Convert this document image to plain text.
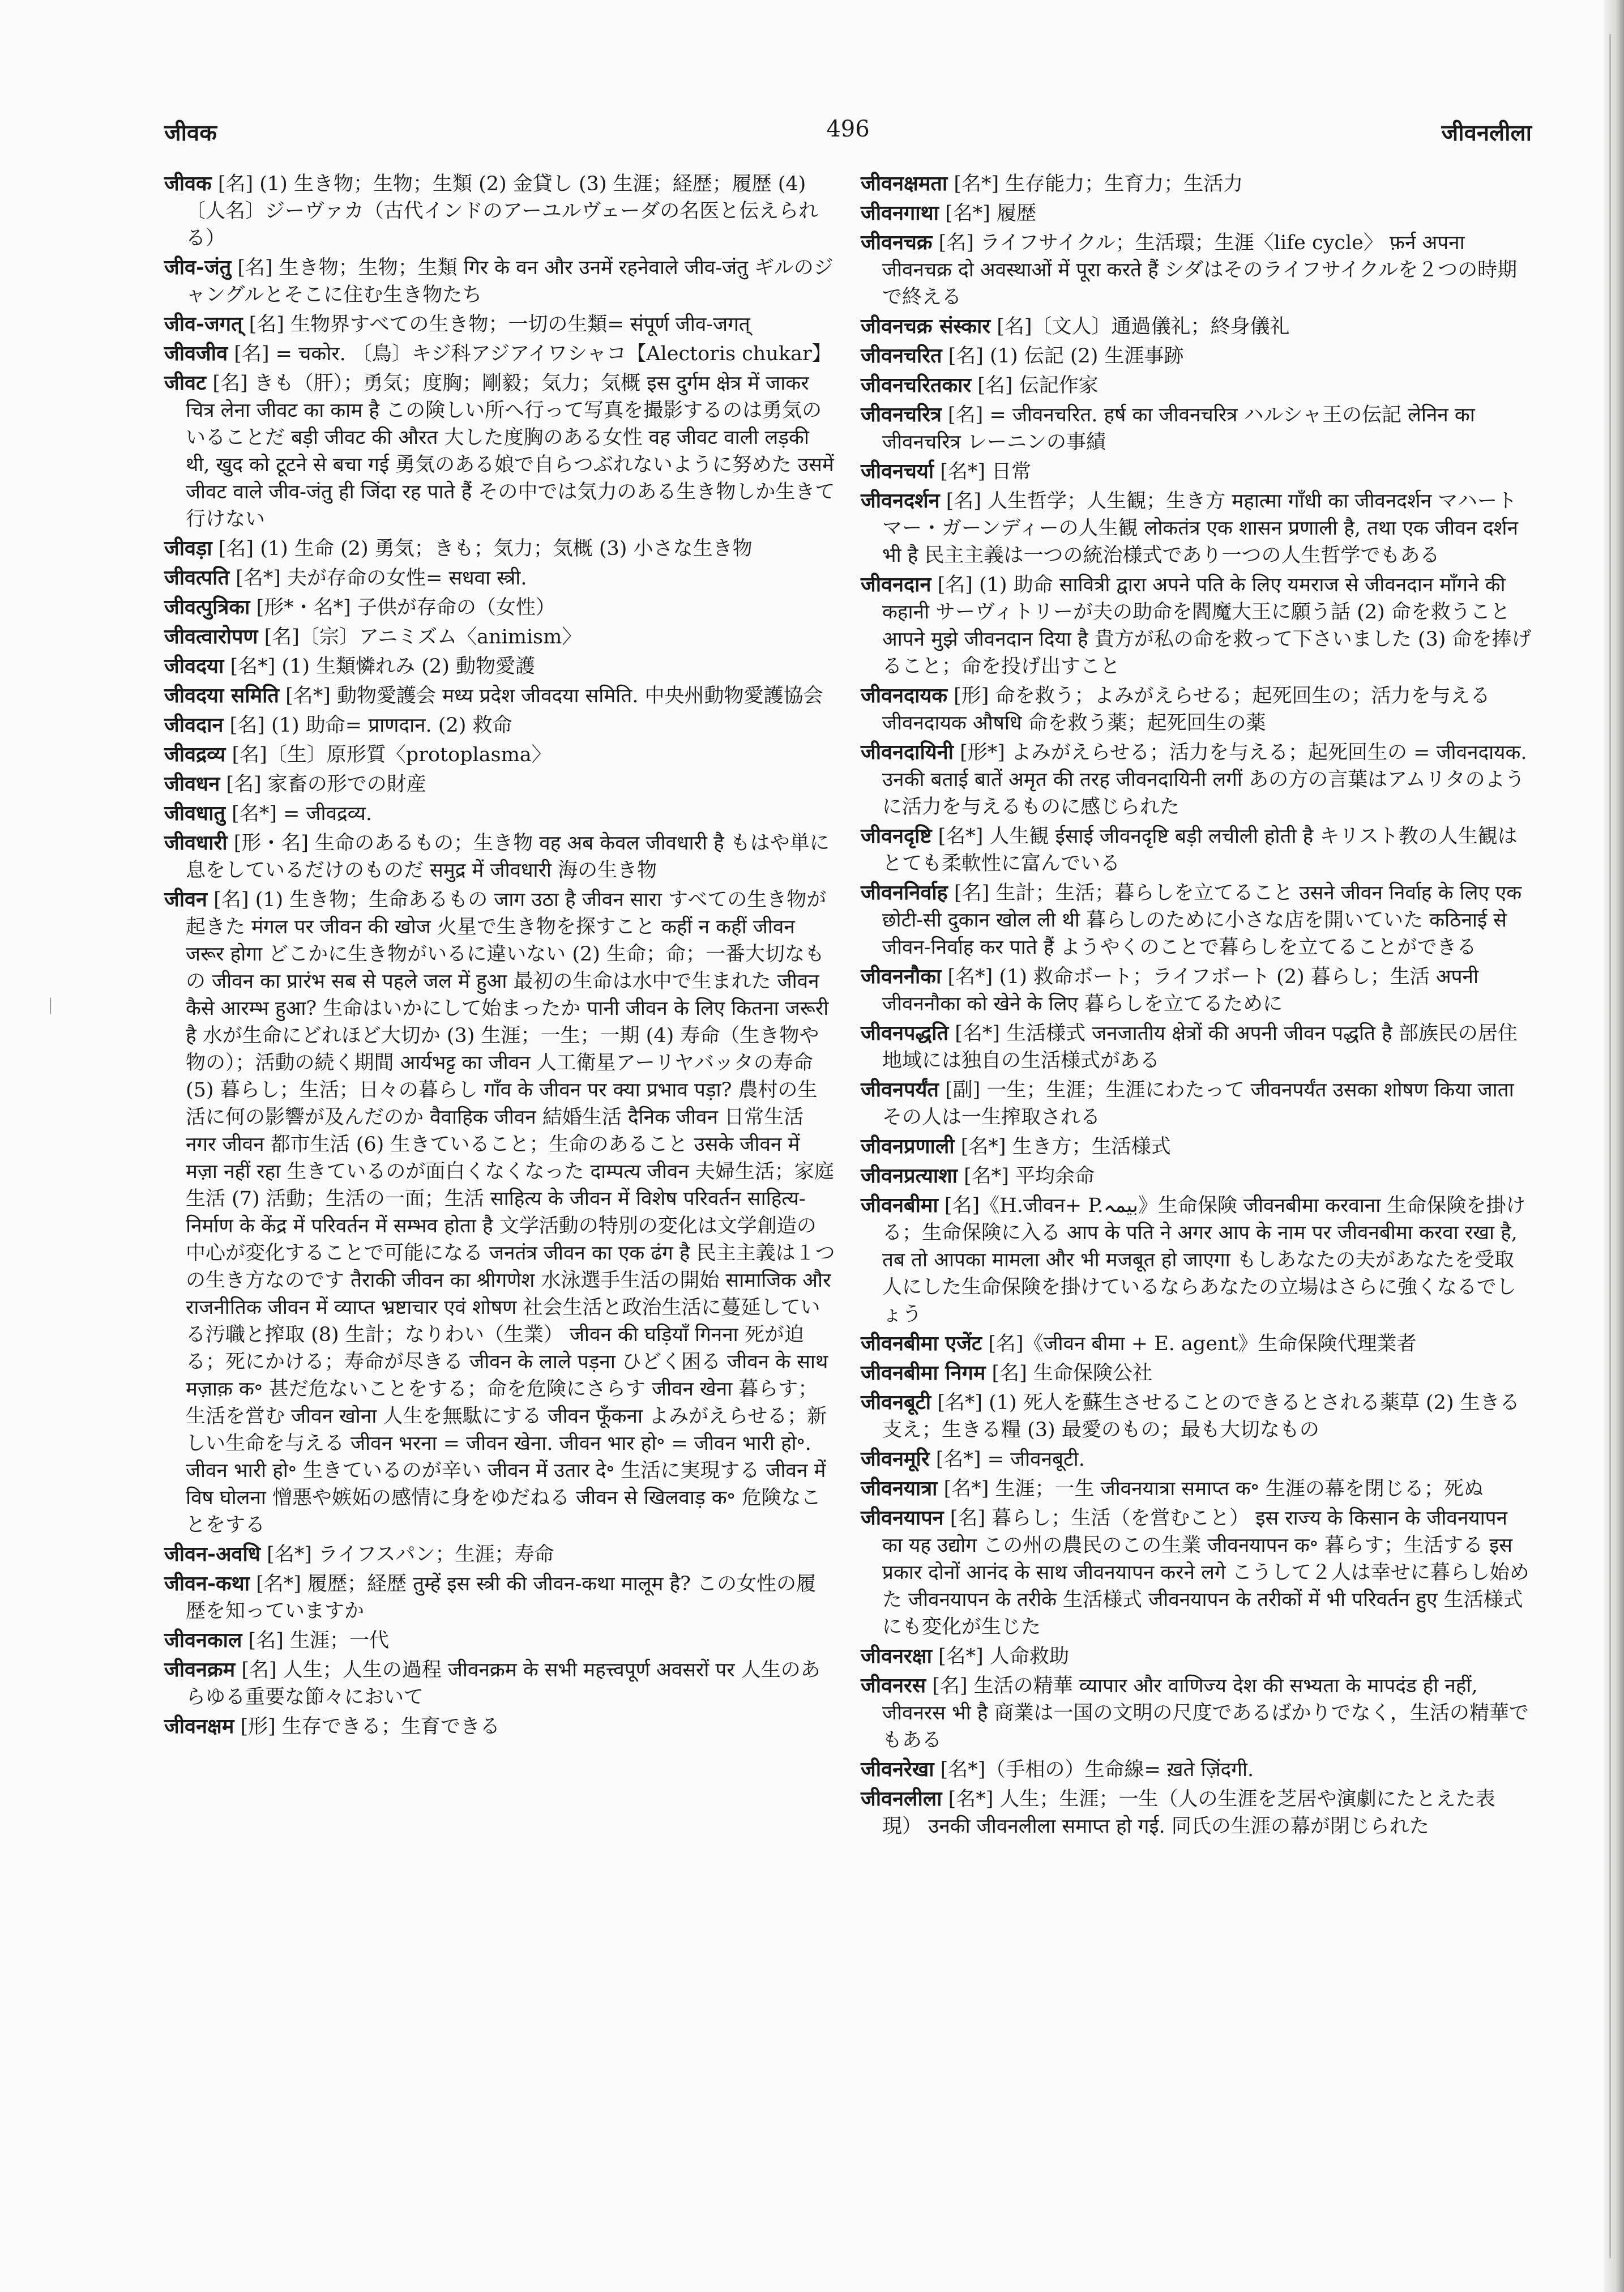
जीवक	496	जीवनलीला
जीवक [名] (1) 生き物；生物；生類 (2) 金貸し (3) 生涯；経歴；履歴 (4)〔人名〕ジーヴァカ（古代インドのアーユルヴェーダの名医と伝えられる）
जीव-जंतु [名] 生き物；生物；生類 गिर के वन और उनमें रहनेवाले जीव-जंतु ギルのジャングルとそこに住む生き物たち
जीव-जगत् [名] 生物界すべての生き物；一切の生類= संपूर्ण जीव-जगत्
जीवजीव [名] = चकोर. 〔鳥〕キジ科アジアイワシャコ【Alectoris chukar】
जीवट [名] きも（肝）；勇気；度胸；剛毅；気力；気概 इस दुर्गम क्षेत्र में जाकर चित्र लेना जीवट का काम है この険しい所へ行って写真を撮影するのは勇気のいることだ बड़ी जीवट की औरत 大した度胸のある女性 वह जीवट वाली लड़की थी, खुद को टूटने से बचा गई 勇気のある娘で自らつぶれないように努めた उसमें जीवट वाले जीव-जंतु ही जिंदा रह पाते हैं その中では気力のある生き物しか生きて行けない
जीवड़ा [名] (1) 生命 (2) 勇気；きも；気力；気概 (3) 小さな生き物
जीवत्पति [名*] 夫が存命の女性= सधवा स्त्री.
जीवत्पुत्रिका [形*・名*] 子供が存命の（女性）
जीवत्वारोपण [名]〔宗〕アニミズム〈animism〉
जीवदया [名*] (1) 生類憐れみ (2) 動物愛護
जीवदया समिति [名*] 動物愛護会 मध्य प्रदेश जीवदया समिति. 中央州動物愛護協会
जीवदान [名] (1) 助命= प्राणदान. (2) 救命
जीवद्रव्य [名]〔生〕原形質〈protoplasma〉
जीवधन [名] 家畜の形での財産
जीवधातु [名*] = जीवद्रव्य.
जीवधारी [形・名] 生命のあるもの；生き物 वह अब केवल जीवधारी है もはや単に息をしているだけのものだ समुद्र में जीवधारी 海の生き物
जीवन [名] (1) 生き物；生命あるもの जाग उठा है जीवन सारा すべての生き物が起きた मंगल पर जीवन की खोज 火星で生き物を探すこと कहीं न कहीं जीवन जरूर होगा どこかに生き物がいるに違いない (2) 生命；命；一番大切なもの जीवन का प्रारंभ सब से पहले जल में हुआ 最初の生命は水中で生まれた जीवन कैसे आरम्भ हुआ? 生命はいかにして始まったか पानी जीवन के लिए कितना जरूरी है 水が生命にどれほど大切か (3) 生涯；一生；一期 (4) 寿命（生き物や物の）；活動の続く期間 आर्यभट्ट का जीवन 人工衛星アーリヤバッタの寿命 (5) 暮らし；生活；日々の暮らし गाँव के जीवन पर क्या प्रभाव पड़ा? 農村の生活に何の影響が及んだのか वैवाहिक जीवन 結婚生活 दैनिक जीवन 日常生活 नगर जीवन 都市生活 (6) 生きていること；生命のあること उसके जीवन में मज़ा नहीं रहा 生きているのが面白くなくなった दाम्पत्य जीवन 夫婦生活；家庭生活 (7) 活動；生活の一面；生活 साहित्य के जीवन में विशेष परिवर्तन साहित्य-निर्माण के केंद्र में परिवर्तन में सम्भव होता है 文学活動の特別の変化は文学創造の中心が変化することで可能になる जनतंत्र जीवन का एक ढंग है 民主主義は１つの生き方なのです तैराकी जीवन का श्रीगणेश 水泳選手生活の開始 सामाजिक और राजनीतिक जीवन में व्याप्त भ्रष्टाचार एवं शोषण 社会生活と政治生活に蔓延している汚職と搾取 (8) 生計；なりわい（生業） जीवन की घड़ियाँ गिनना 死が迫る；死にかける；寿命が尽きる जीवन के लाले पड़ना ひどく困る जीवन के साथ मज़ाक़ क॰ 甚だ危ないことをする；命を危険にさらす जीवन खेना 暮らす；生活を営む जीवन खोना 人生を無駄にする जीवन फूँकना よみがえらせる；新しい生命を与える जीवन भरना = जीवन खेना. जीवन भार हो॰ = जीवन भारी हो॰. जीवन भारी हो॰ 生きているのが辛い जीवन में उतार दे॰ 生活に実現する जीवन में विष घोलना 憎悪や嫉妬の感情に身をゆだねる जीवन से खिलवाड़ क॰ 危険なことをする
जीवन-अवधि [名*] ライフスパン；生涯；寿命
जीवन-कथा [名*] 履歴；経歴 तुम्हें इस स्त्री की जीवन-कथा मालूम है? この女性の履歴を知っていますか
जीवनकाल [名] 生涯；一代
जीवनक्रम [名] 人生；人生の過程 जीवनक्रम के सभी महत्त्वपूर्ण अवसरों पर 人生のあらゆる重要な節々において
जीवनक्षम [形] 生存できる；生育できる
जीवनक्षमता [名*] 生存能力；生育力；生活力
जीवनगाथा [名*] 履歴
जीवनचक्र [名] ライフサイクル；生活環；生涯〈life cycle〉 फ़र्न अपना जीवनचक्र दो अवस्थाओं में पूरा करते हैं シダはそのライフサイクルを２つの時期で終える
जीवनचक्र संस्कार [名]〔文人〕通過儀礼；終身儀礼
जीवनचरित [名] (1) 伝記 (2) 生涯事跡
जीवनचरितकार [名] 伝記作家
जीवनचरित्र [名] = जीवनचरित. हर्ष का जीवनचरित्र ハルシャ王の伝記 लेनिन का जीवनचरित्र レーニンの事績
जीवनचर्या [名*] 日常
जीवनदर्शन [名] 人生哲学；人生観；生き方 महात्मा गाँधी का जीवनदर्शन マハートマー・ガーンディーの人生観 लोकतंत्र एक शासन प्रणाली है, तथा एक जीवन दर्शन भी है 民主主義は一つの統治様式であり一つの人生哲学でもある
जीवनदान [名] (1) 助命 सावित्री द्वारा अपने पति के लिए यमराज से जीवनदान माँगने की कहानी サーヴィトリーが夫の助命を閻魔大王に願う話 (2) 命を救うこと आपने मुझे जीवनदान दिया है 貴方が私の命を救って下さいました (3) 命を捧げること；命を投げ出すこと
जीवनदायक [形] 命を救う；よみがえらせる；起死回生の；活力を与える जीवनदायक औषधि 命を救う薬；起死回生の薬
जीवनदायिनी [形*] よみがえらせる；活力を与える；起死回生の = जीवनदायक. उनकी बताई बातें अमृत की तरह जीवनदायिनी लगीं あの方の言葉はアムリタのように活力を与えるものに感じられた
जीवनदृष्टि [名*] 人生観 ईसाई जीवनदृष्टि बड़ी लचीली होती है キリスト教の人生観はとても柔軟性に富んでいる
जीवननिर्वाह [名] 生計；生活；暮らしを立てること उसने जीवन निर्वाह के लिए एक छोटी-सी दुकान खोल ली थी 暮らしのために小さな店を開いていた कठिनाई से जीवन-निर्वाह कर पाते हैं ようやくのことで暮らしを立てることができる
जीवननौका [名*] (1) 救命ボート；ライフボート (2) 暮らし；生活 अपनी जीवननौका को खेने के लिए 暮らしを立てるために
जीवनपद्धति [名*] 生活様式 जनजातीय क्षेत्रों की अपनी जीवन पद्धति है 部族民の居住地域には独自の生活様式がある
जीवनपर्यंत [副] 一生；生涯；生涯にわたって जीवनपर्यंत उसका शोषण किया जाता その人は一生搾取される
जीवनप्रणाली [名*] 生き方；生活様式
जीवनप्रत्याशा [名*] 平均余命
जीवनबीमा [名]《H.जीवन+ P.بیمہ》生命保険 जीवनबीमा करवाना 生命保険を掛ける；生命保険に入る आप के पति ने अगर आप के नाम पर जीवनबीमा करवा रखा है, तब तो आपका मामला और भी मजबूत हो जाएगा もしあなたの夫があなたを受取人にした生命保険を掛けているならあなたの立場はさらに強くなるでしょう
जीवनबीमा एजेंट [名]《जीवन बीमा + E. agent》生命保険代理業者
जीवनबीमा निगम [名] 生命保険公社
जीवनबूटी [名*] (1) 死人を蘇生させることのできるとされる薬草 (2) 生きる支え；生きる糧 (3) 最愛のもの；最も大切なもの
जीवनमूरि [名*] = जीवनबूटी.
जीवनयात्रा [名*] 生涯；一生 जीवनयात्रा समाप्त क॰ 生涯の幕を閉じる；死ぬ
जीवनयापन [名] 暮らし；生活（を営むこと） इस राज्य के किसान के जीवनयापन का यह उद्योग この州の農民のこの生業 जीवनयापन क॰ 暮らす；生活する इस प्रकार दोनों आनंद के साथ जीवनयापन करने लगे こうして２人は幸せに暮らし始めた जीवनयापन के तरीके 生活様式 जीवनयापन के तरीकों में भी परिवर्तन हुए 生活様式にも変化が生じた
जीवनरक्षा [名*] 人命救助
जीवनरस [名] 生活の精華 व्यापार और वाणिज्य देश की सभ्यता के मापदंड ही नहीं, जीवनरस भी है 商業は一国の文明の尺度であるばかりでなく，生活の精華でもある
जीवनरेखा [名*]（手相の）生命線= ख़ते ज़िंदगी.
जीवनलीला [名*] 人生；生涯；一生（人の生涯を芝居や演劇にたとえた表現） उनकी जीवनलीला समाप्त हो गई. 同氏の生涯の幕が閉じられた
